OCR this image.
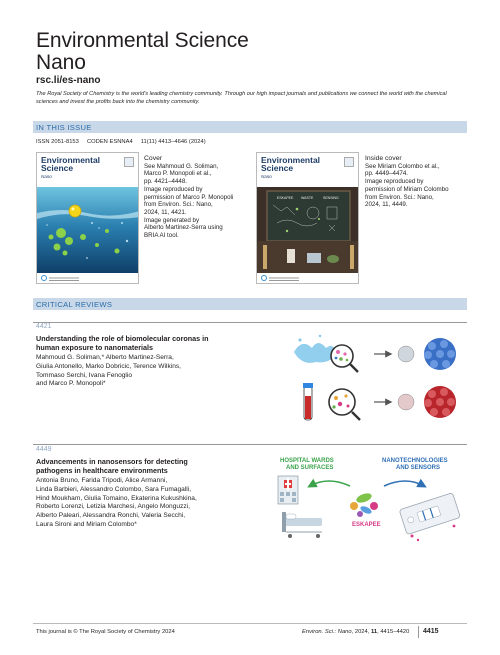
Environmental Science
Nano
rsc.li/es-nano
The Royal Society of Chemistry is the world's leading chemistry community. Through our high impact journals and publications we connect the world with the chemical sciences and invest the profits back into the chemistry community.
IN THIS ISSUE
ISSN 2051-8153 CODEN ESNNA4 11(11) 4413–4646 (2024)
Environmental
Science
Nano
Cover
See Mahmoud G. Soliman,
Marco P. Monopoli et al.,
pp. 4421–4448.
Image reproduced by
permission of Marco P. Monopoli
from Environ. Sci.: Nano,
2024, 11, 4421.
Image generated by
Alberto Martinez-Serra using
BRIA AI tool.
ESKAPEE WASTE	SENSING
Environmental
Science
Nano
Inside cover
See Miriam Colombo et al.,
pp. 4449–4474.
Image reproduced by
permission of Miriam Colombo
from Environ. Sci.: Nano,
2024, 11, 4449.
CRITICAL REVIEWS
4421
Understanding the role of biomolecular coronas in
human exposure to nanomaterials
Mahmoud G. Soliman,* Alberto Martinez-Serra,
Giulia Antonello, Marko Dobricic, Terence Wilkins,
Tommaso Serchi, Ivana Fenoglio
and Marco P. Monopoli*
4449
Advancements in nanosensors for detecting
pathogens in healthcare environments
Antonia Bruno, Farida Tripodi, Alice Armanni,
Linda Barbieri, Alessandro Colombo, Sara Fumagalli,
Hind Moukham, Giulia Tomaino, Ekaterina Kukushkina,
Roberto Lorenzi, Letizia Marchesi, Angelo Monguzzi,
Alberto Paleari, Alessandra Ronchi, Valeria Secchi,
Laura Sironi and Miriam Colombo*
HOSPITAL WARDS
AND SURFACES
NANOTECHNOLOGIES
AND SENSORS
ESKAPEE
This journal is © The Royal Society of Chemistry 2024	Environ. Sci.: Nano, 2024, 11, 4415–4420 4415
